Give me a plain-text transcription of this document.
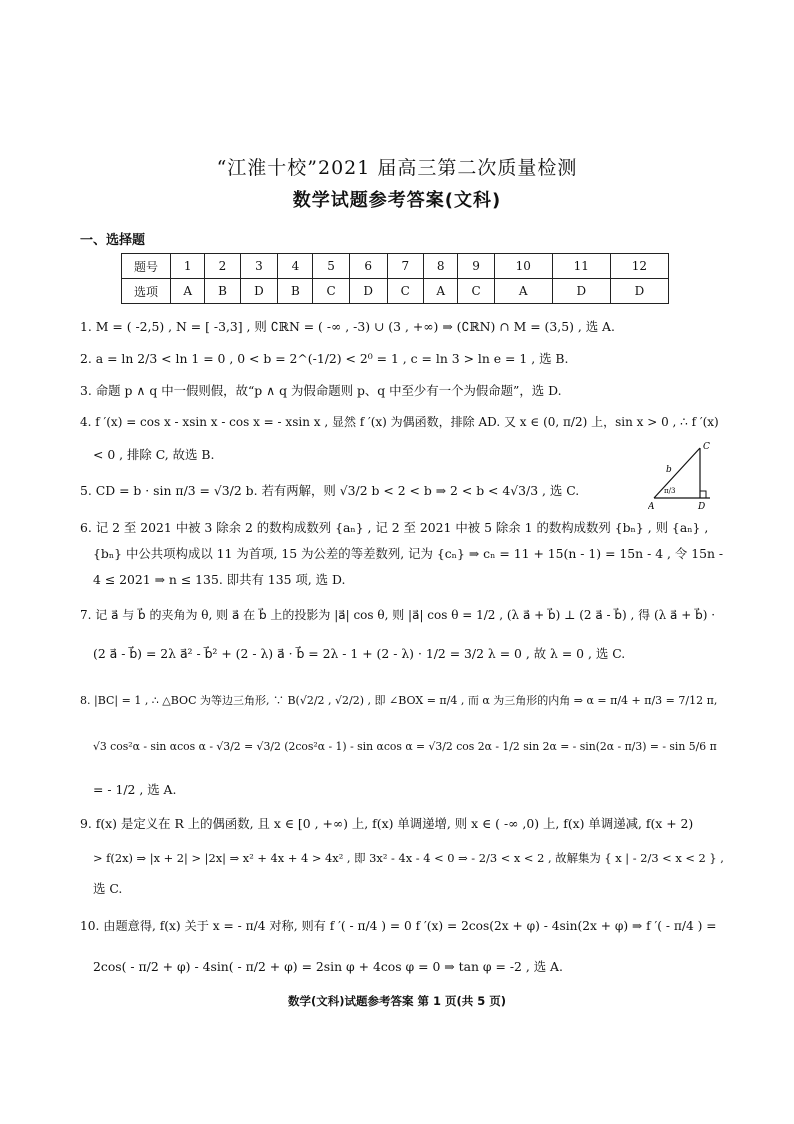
“江淮十校”2021 届高三第二次质量检测
数学试题参考答案(文科)
一、选择题
题号	1	2	3	4	5	6	7	8	9	10	11	12
选项	A	B	D	B	C	D	C	A	C	A	D	D
1. M = ( -2,5) , N = [ -3,3] , 则 ∁ℝN = ( -∞ , -3) ∪ (3 , +∞) ⇒ (∁ℝN) ∩ M = (3,5) , 选 A.
2. a = ln 2/3 < ln 1 = 0 , 0 < b = 2^(-1/2) < 2⁰ = 1 , c = ln 3 > ln e = 1 , 选 B.
3. 命题 p ∧ q 中一假则假，故“p ∧ q 为假命题则 p、q 中至少有一个为假命题”，选 D.
4. f ′(x) = cos x - xsin x - cos x = - xsin x , 显然 f ′(x) 为偶函数，排除 AD. 又 x ∈ (0, π/2) 上，sin x > 0 , ∴ f ′(x)
< 0 , 排除 C, 故选 B.
5. CD = b · sin π/3 = √3/2 b. 若有两解，则 √3/2 b < 2 < b ⇒ 2 < b < 4√3/3 , 选 C.
A	D
C
b
π/3
6. 记 2 至 2021 中被 3 除余 2 的数构成数列 {aₙ} , 记 2 至 2021 中被 5 除余 1 的数构成数列 {bₙ} , 则 {aₙ} ,
{bₙ} 中公共项构成以 11 为首项, 15 为公差的等差数列, 记为 {cₙ} ⇒ cₙ = 11 + 15(n - 1) = 15n - 4 , 令 15n -
4 ≤ 2021 ⇒ n ≤ 135. 即共有 135 项, 选 D.
7. 记 a⃗ 与 b⃗ 的夹角为 θ, 则 a⃗ 在 b⃗ 上的投影为 |a⃗| cos θ, 则 |a⃗| cos θ = 1/2 , (λ a⃗ + b⃗) ⊥ (2 a⃗ - b⃗) , 得 (λ a⃗ + b⃗) ·
(2 a⃗ - b⃗) = 2λ a⃗² - b⃗² + (2 - λ) a⃗ · b⃗ = 2λ - 1 + (2 - λ) · 1/2 = 3/2 λ = 0 , 故 λ = 0 , 选 C.
8. |BC| = 1 , ∴ △BOC 为等边三角形, ∵ B(√2/2 , √2/2) , 即 ∠BOX = π/4 , 而 α 为三角形的内角 ⇒ α = π/4 + π/3 = 7/12 π,
√3 cos²α - sin αcos α - √3/2 = √3/2 (2cos²α - 1) - sin αcos α = √3/2 cos 2α - 1/2 sin 2α = - sin(2α - π/3) = - sin 5/6 π
= - 1/2 , 选 A.
9. f(x) 是定义在 R 上的偶函数, 且 x ∈ [0 , +∞) 上, f(x) 单调递增, 则 x ∈ ( -∞ ,0) 上, f(x) 单调递减, f(x + 2)
> f(2x) ⇒ |x + 2| > |2x| ⇒ x² + 4x + 4 > 4x² , 即 3x² - 4x - 4 < 0 ⇒ - 2/3 < x < 2 , 故解集为 { x | - 2/3 < x < 2 } ,
选 C.
10. 由题意得, f(x) 关于 x = - π/4 对称, 则有 f ′( - π/4 ) = 0 f ′(x) = 2cos(2x + φ) - 4sin(2x + φ) ⇒ f ′( - π/4 ) =
2cos( - π/2 + φ) - 4sin( - π/2 + φ) = 2sin φ + 4cos φ = 0 ⇒ tan φ = -2 , 选 A.
数学(文科)试题参考答案 第 1 页(共 5 页)
